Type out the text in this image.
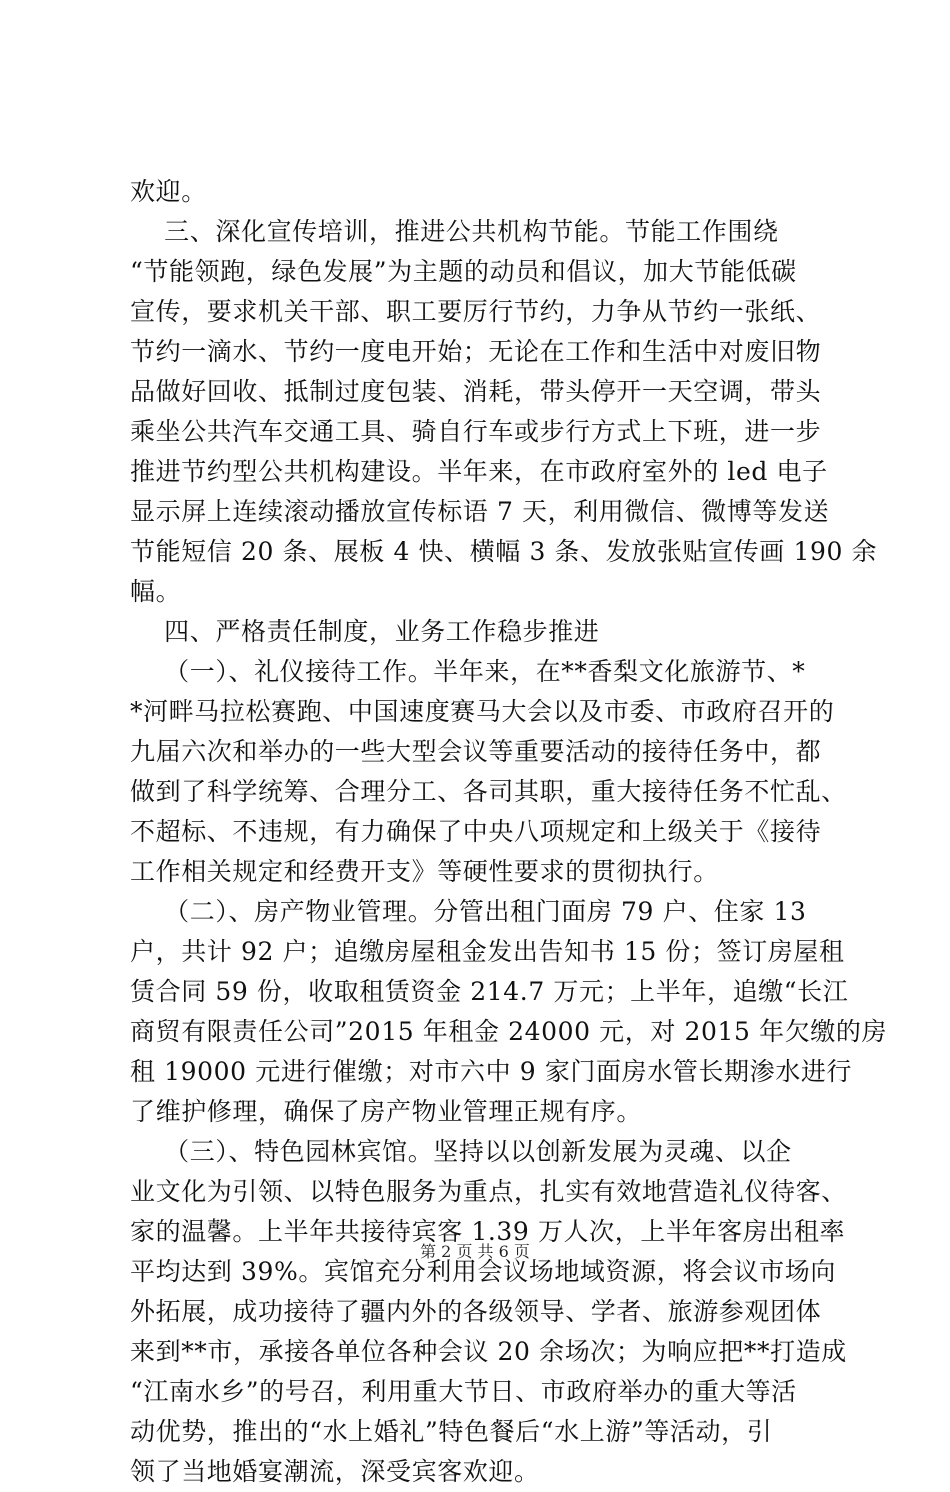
欢迎。
三、深化宣传培训，推进公共机构节能。节能工作围绕
“节能领跑，绿色发展”为主题的动员和倡议，加大节能低碳
宣传，要求机关干部、职工要厉行节约，力争从节约一张纸、
节约一滴水、节约一度电开始；无论在工作和生活中对废旧物
品做好回收、抵制过度包装、消耗，带头停开一天空调，带头
乘坐公共汽车交通工具、骑自行车或步行方式上下班，进一步
推进节约型公共机构建设。半年来，在市政府室外的 led 电子
显示屏上连续滚动播放宣传标语 7 天，利用微信、微博等发送
节能短信 20 条、展板 4 快、横幅 3 条、发放张贴宣传画 190 余
幅。
四、严格责任制度，业务工作稳步推进
（一）、礼仪接待工作。半年来，在**香梨文化旅游节、*
*河畔马拉松赛跑、中国速度赛马大会以及市委、市政府召开的
九届六次和举办的一些大型会议等重要活动的接待任务中，都
做到了科学统筹、合理分工、各司其职，重大接待任务不忙乱、
不超标、不违规，有力确保了中央八项规定和上级关于《接待
工作相关规定和经费开支》等硬性要求的贯彻执行。
（二）、房产物业管理。分管出租门面房 79 户、住家 13
户，共计 92 户；追缴房屋租金发出告知书 15 份；签订房屋租
赁合同 59 份，收取租赁资金 214.7 万元；上半年，追缴“长江
商贸有限责任公司”2015 年租金 24000 元，对 2015 年欠缴的房
租 19000 元进行催缴；对市六中 9 家门面房水管长期渗水进行
了维护修理，确保了房产物业管理正规有序。
（三）、特色园林宾馆。坚持以以创新发展为灵魂、以企
业文化为引领、以特色服务为重点，扎实有效地营造礼仪待客、
家的温馨。上半年共接待宾客 1.39 万人次，上半年客房出租率
平均达到 39%。宾馆充分利用会议场地域资源，将会议市场向
外拓展，成功接待了疆内外的各级领导、学者、旅游参观团体
来到**市，承接各单位各种会议 20 余场次；为响应把**打造成
“江南水乡”的号召，利用重大节日、市政府举办的重大等活
动优势，推出的“水上婚礼”特色餐后“水上游”等活动，引
领了当地婚宴潮流，深受宾客欢迎。
第 2 页 共 6 页
